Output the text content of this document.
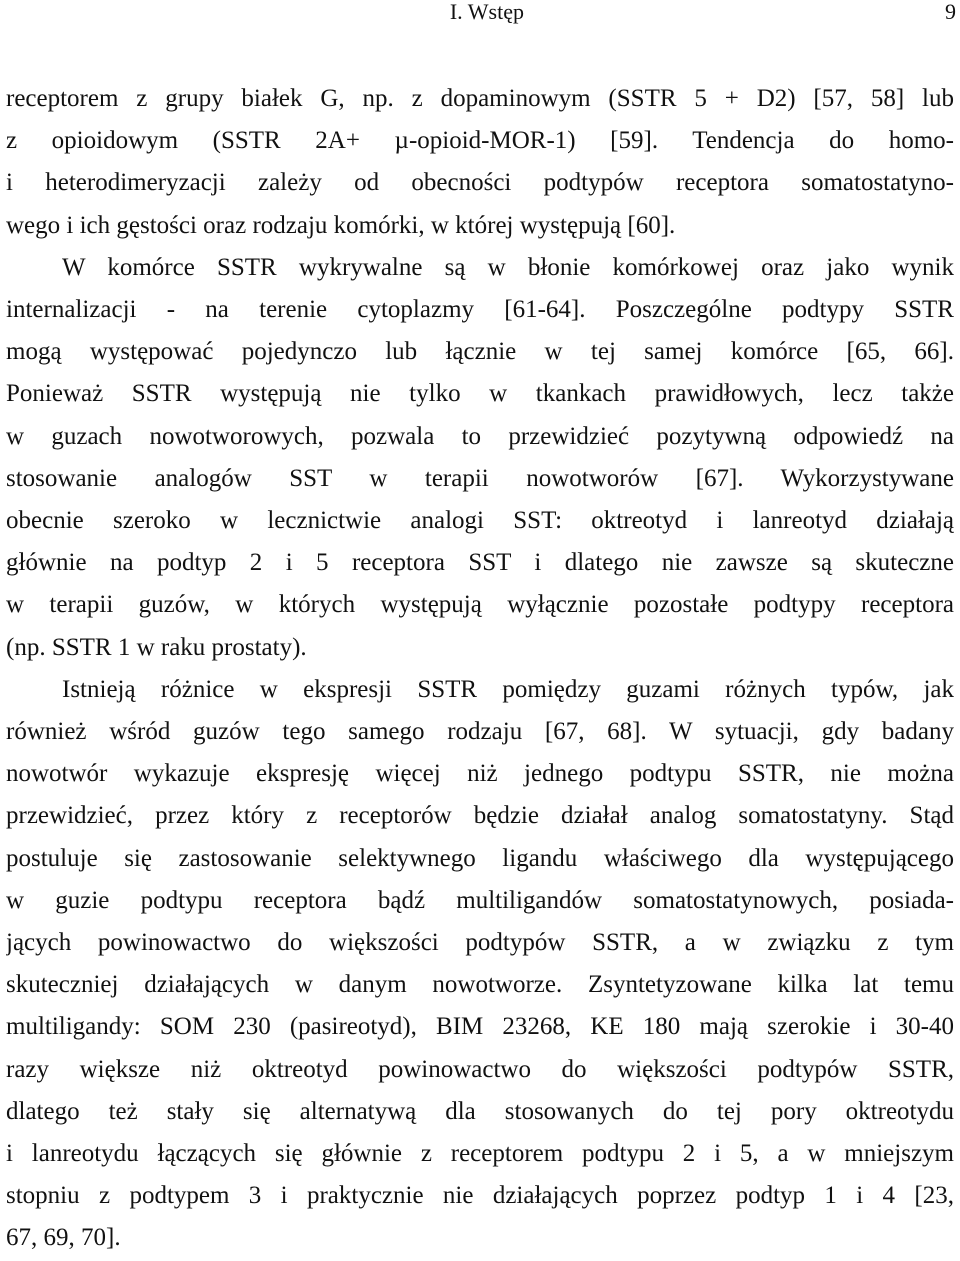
I. Wstęp	9

receptorem z grupy białek G, np. z dopaminowym (SSTR 5 + D2) [57, 58] lub
z opioidowym (SSTR 2A+ µ-opioid-MOR-1) [59]. Tendencja do homo-
i heterodimeryzacji zależy od obecności podtypów receptora somatostatyno-
wego i ich gęstości oraz rodzaju komórki, w której występują [60].

W komórce SSTR wykrywalne są w błonie komórkowej oraz jako wynik
internalizacji - na terenie cytoplazmy [61-64]. Poszczególne podtypy SSTR
mogą występować pojedynczo lub łącznie w tej samej komórce [65, 66].
Ponieważ SSTR występują nie tylko w tkankach prawidłowych, lecz także
w guzach nowotworowych, pozwala to przewidzieć pozytywną odpowiedź na
stosowanie analogów SST w terapii nowotworów [67]. Wykorzystywane
obecnie szeroko w lecznictwie analogi SST: oktreotyd i lanreotyd działają
głównie na podtyp 2 i 5 receptora SST i dlatego nie zawsze są skuteczne
w terapii guzów, w których występują wyłącznie pozostałe podtypy receptora
(np. SSTR 1 w raku prostaty).

Istnieją różnice w ekspresji SSTR pomiędzy guzami różnych typów, jak
również wśród guzów tego samego rodzaju [67, 68]. W sytuacji, gdy badany
nowotwór wykazuje ekspresję więcej niż jednego podtypu SSTR, nie można
przewidzieć, przez który z receptorów będzie działał analog somatostatyny. Stąd
postuluje się zastosowanie selektywnego ligandu właściwego dla występującego
w guzie podtypu receptora bądź multiligandów somatostatynowych, posiada-
jących powinowactwo do większości podtypów SSTR, a w związku z tym
skuteczniej działających w danym nowotworze. Zsyntetyzowane kilka lat temu
multiligandy: SOM 230 (pasireotyd), BIM 23268, KE 180 mają szerokie i 30-40
razy większe niż oktreotyd powinowactwo do większości podtypów SSTR,
dlatego też stały się alternatywą dla stosowanych do tej pory oktreotydu
i lanreotydu łączących się głównie z receptorem podtypu 2 i 5, a w mniejszym
stopniu z podtypem 3 i praktycznie nie działających poprzez podtyp 1 i 4 [23,
67, 69, 70].
